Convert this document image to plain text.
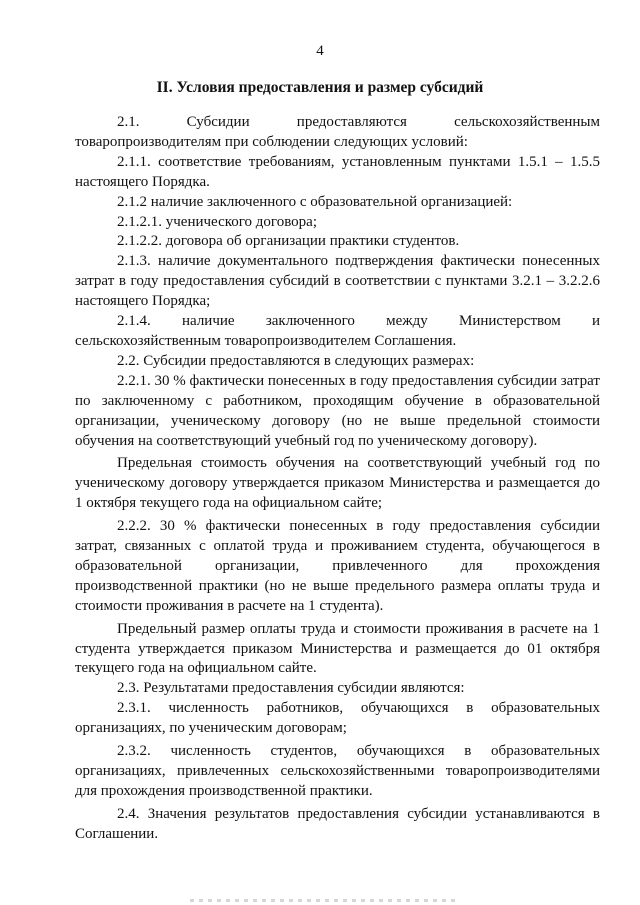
4
II. Условия предоставления и размер субсидий

2.1. Субсидии предоставляются сельскохозяйственным товаропроизводителям при соблюдении следующих условий:

2.1.1. соответствие требованиям, установленным пунктами 1.5.1 – 1.5.5 настоящего Порядка.

2.1.2 наличие заключенного с образовательной организацией:

2.1.2.1. ученического договора;

2.1.2.2. договора об организации практики студентов.

2.1.3. наличие документального подтверждения фактически понесенных затрат в году предоставления субсидий в соответствии с пунктами 3.2.1 – 3.2.2.6 настоящего Порядка;

2.1.4. наличие заключенного между Министерством и сельскохозяйственным товаропроизводителем Соглашения.

2.2. Субсидии предоставляются в следующих размерах:

2.2.1. 30 % фактически понесенных в году предоставления субсидии затрат по заключенному с работником, проходящим обучение в образовательной организации, ученическому договору (но не выше предельной стоимости обучения на соответствующий учебный год по ученическому договору).

Предельная стоимость обучения на соответствующий учебный год по ученическому договору утверждается приказом Министерства и размещается до 1 октября текущего года на официальном сайте;

2.2.2. 30 % фактически понесенных в году предоставления субсидии затрат, связанных с оплатой труда и проживанием студента, обучающегося в образовательной организации, привлеченного для прохождения производственной практики (но не выше предельного размера оплаты труда и стоимости проживания в расчете на 1 студента).

Предельный размер оплаты труда и стоимости проживания в расчете на 1 студента утверждается приказом Министерства и размещается до 01 октября текущего года на официальном сайте.

2.3. Результатами предоставления субсидии являются:

2.3.1. численность работников, обучающихся в образовательных организациях, по ученическим договорам;

2.3.2. численность студентов, обучающихся в образовательных организациях, привлеченных сельскохозяйственными товаропроизводителями для прохождения производственной практики.

2.4. Значения результатов предоставления субсидии устанавливаются в Соглашении.
